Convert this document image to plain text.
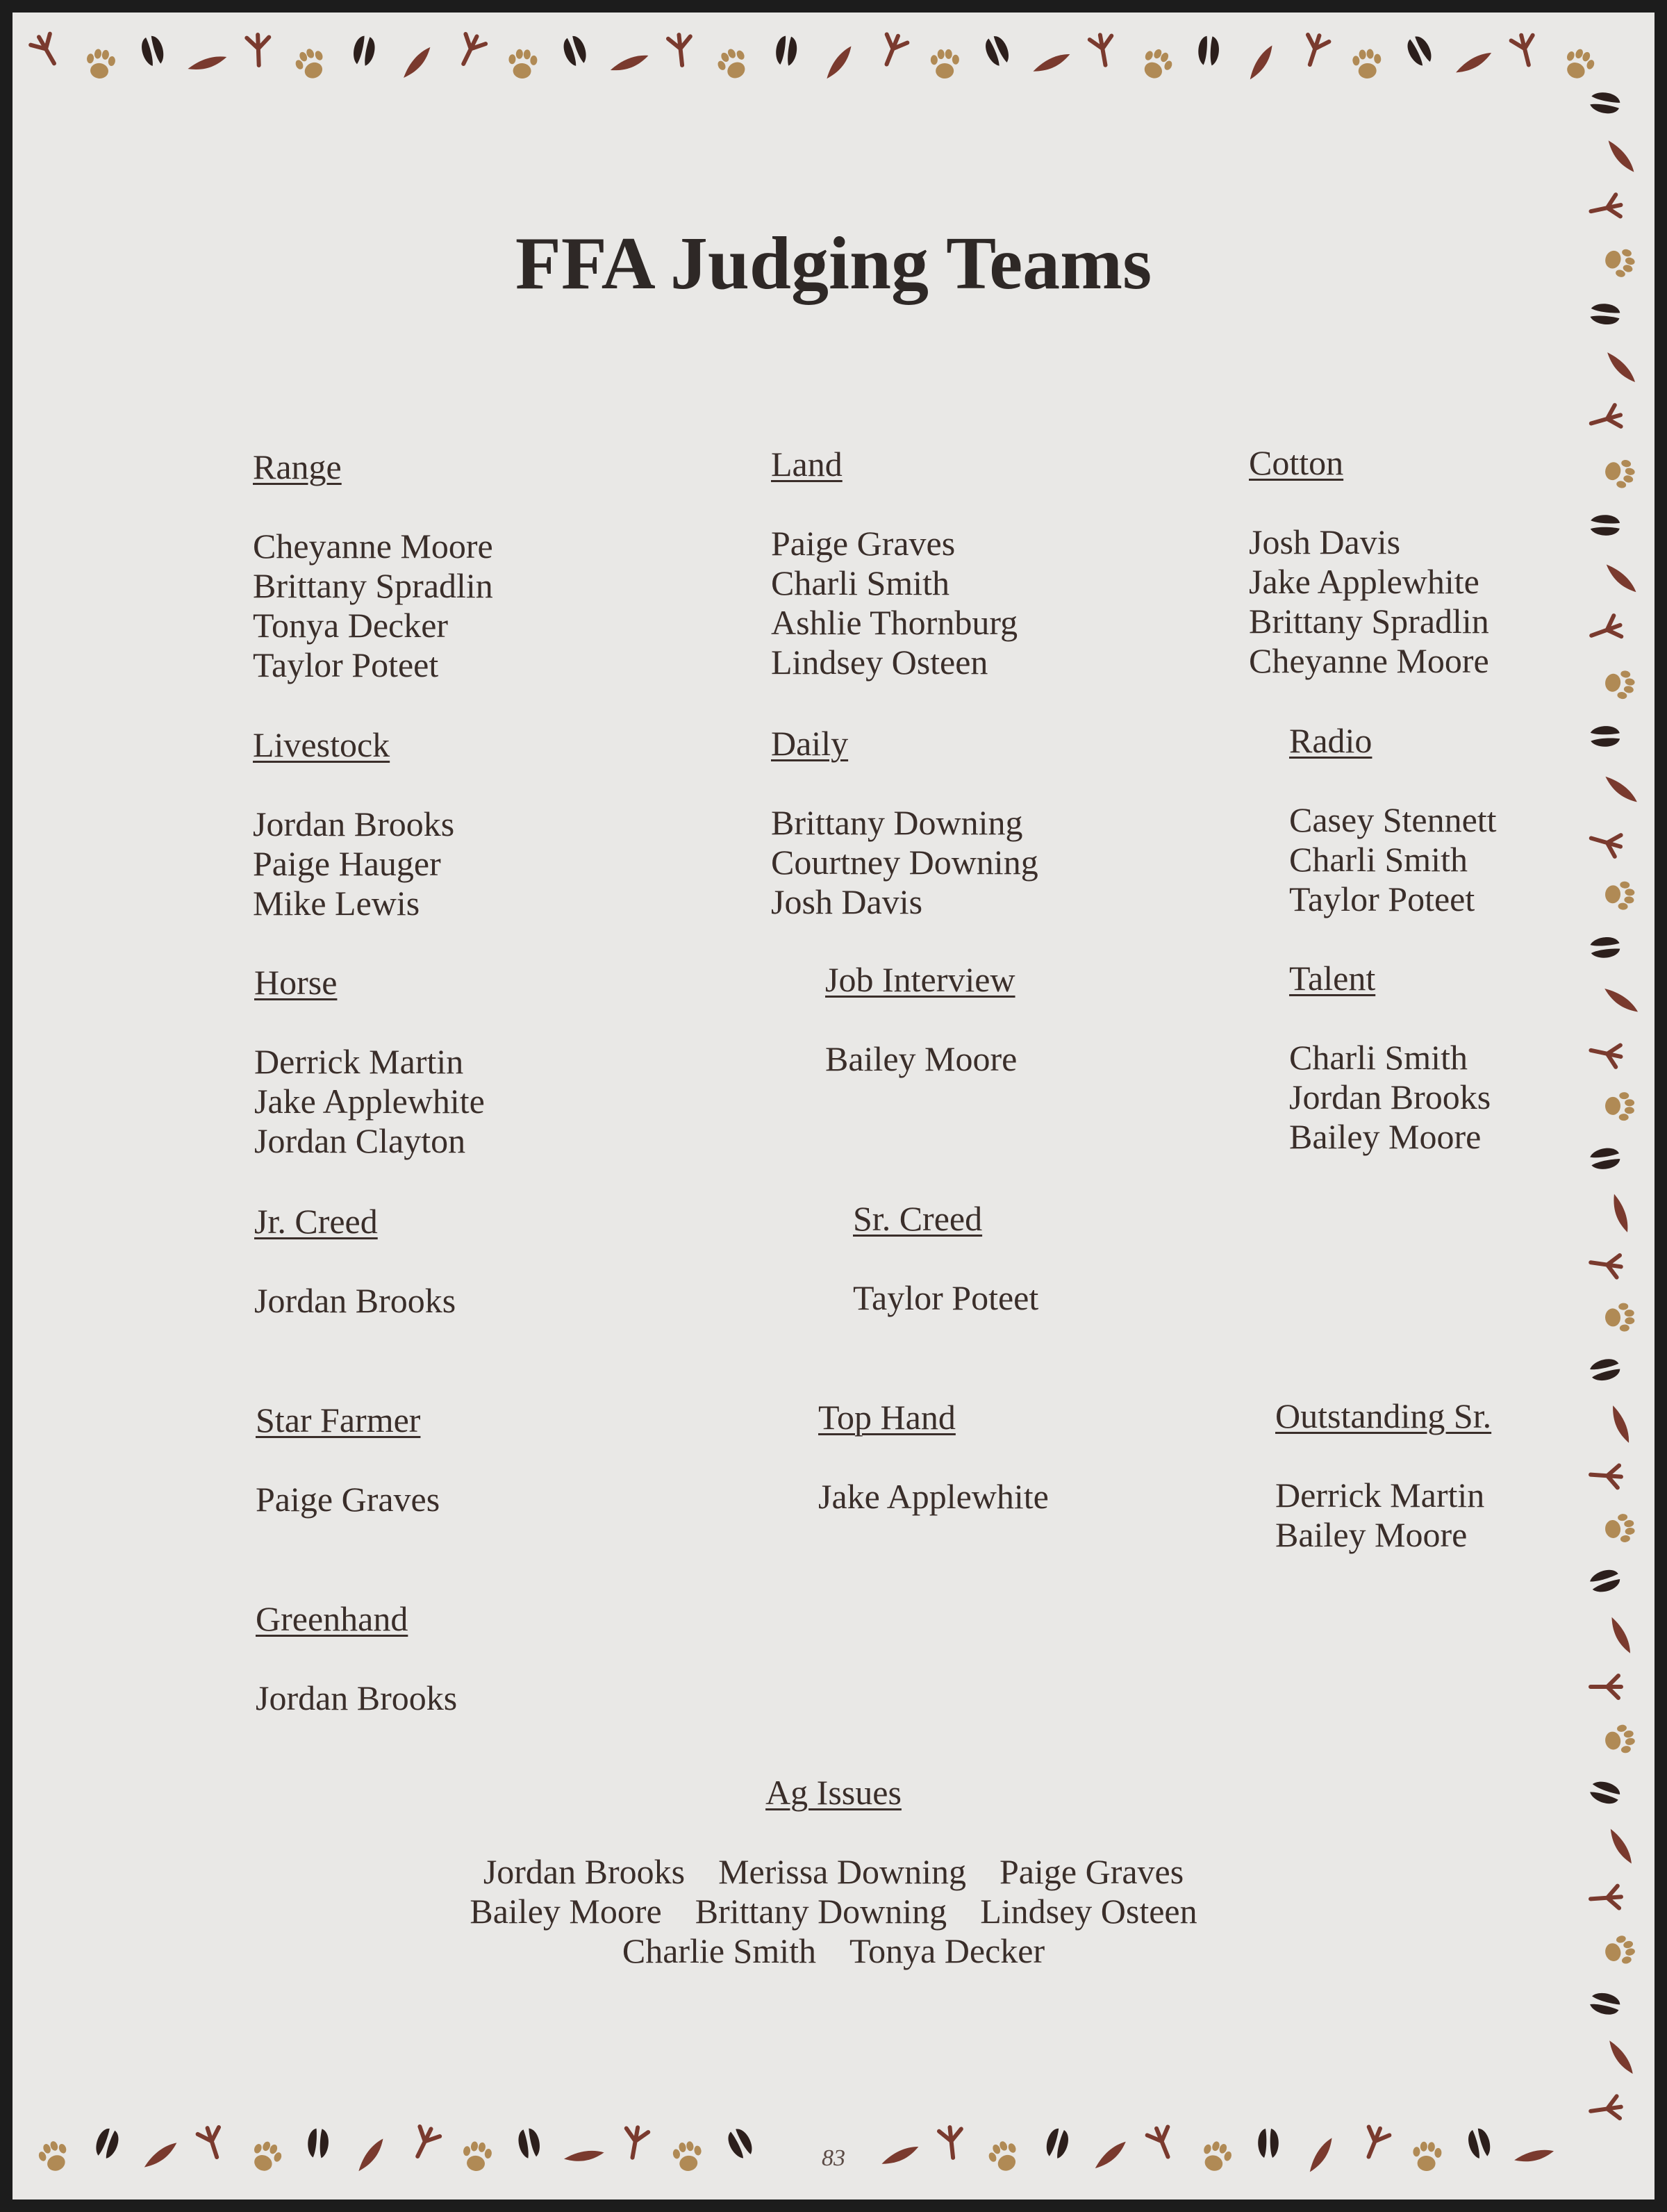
FFA Judging Teams
Range

Cheyanne Moore
Brittany Spradlin
Tonya Decker
Taylor Poteet
Land

Paige Graves
Charli Smith
Ashlie Thornburg
Lindsey Osteen
Cotton

Josh Davis
Jake Applewhite
Brittany Spradlin
Cheyanne Moore
Livestock

Jordan Brooks
Paige Hauger
Mike Lewis
Daily

Brittany Downing
Courtney Downing
Josh Davis
Radio

Casey Stennett
Charli Smith
Taylor Poteet
Horse

Derrick Martin
Jake Applewhite
Jordan Clayton
Job Interview

Bailey Moore
Talent

Charli Smith
Jordan Brooks
Bailey Moore
Jr. Creed

Jordan Brooks
Sr. Creed

Taylor Poteet
Star Farmer

Paige Graves
Top Hand

Jake Applewhite
Outstanding Sr.

Derrick Martin
Bailey Moore
Greenhand

Jordan Brooks
Ag Issues
Jordan Brooks Merissa Downing Paige Graves
Bailey Moore Brittany Downing Lindsey Osteen
Charlie Smith Tonya Decker
83
